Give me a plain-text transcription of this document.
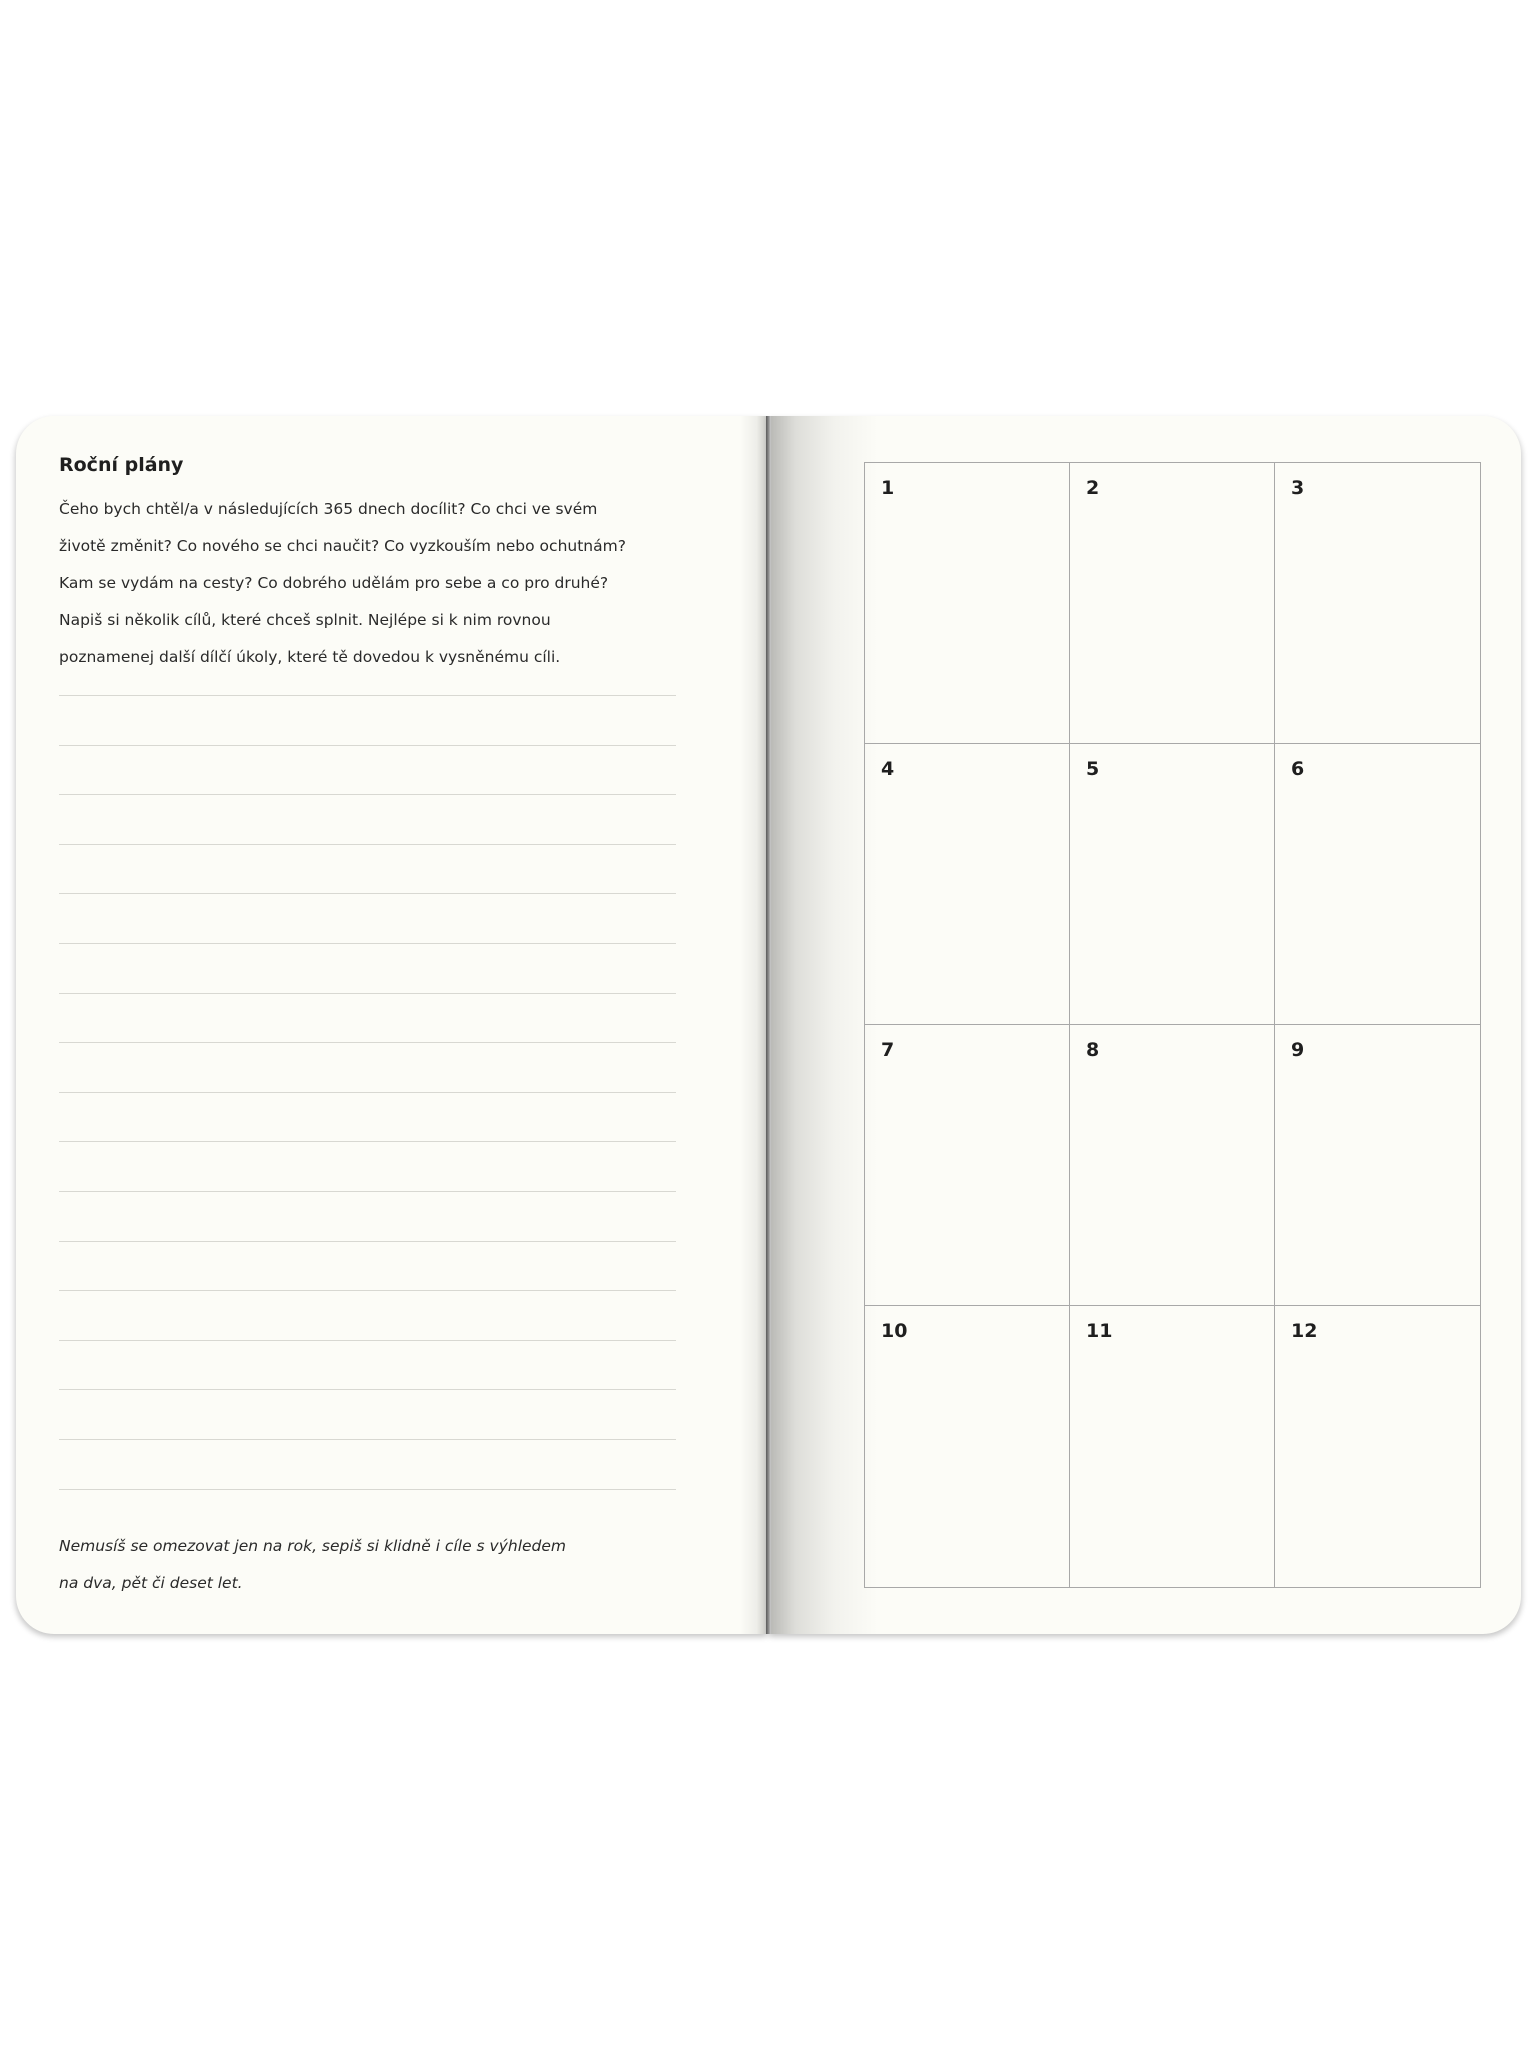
Roční plány

Čeho bych chtěl/a v následujících 365 dnech docílit? Co chci ve svém
životě změnit? Co nového se chci naučit? Co vyzkouším nebo ochutnám?
Kam se vydám na cesty? Co dobrého udělám pro sebe a co pro druhé?
Napiš si několik cílů, které chceš splnit. Nejlépe si k nim rovnou
poznamenej další dílčí úkoly, které tě dovedou k vysněnému cíli.

Nemusíš se omezovat jen na rok, sepiš si klidně i cíle s výhledem
na dva, pět či deset let.

1	2	3
4	5	6
7	8	9
10	11	12
